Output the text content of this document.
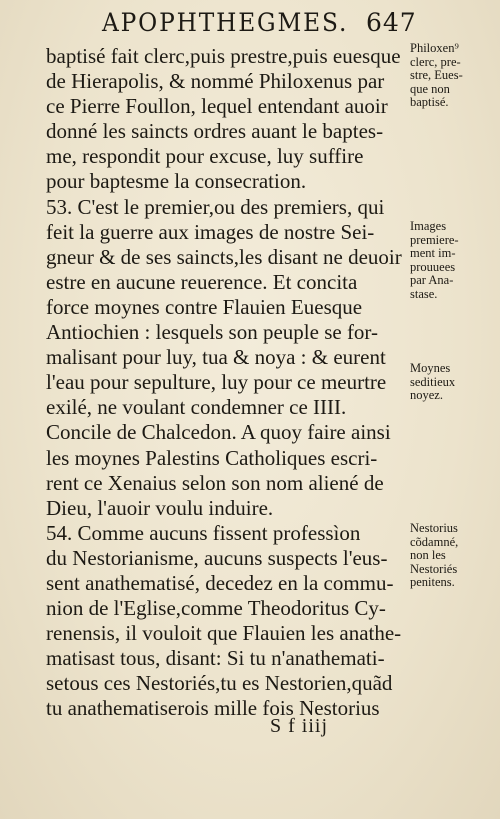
APOPHTHEGMES. 647
baptisé fait clerc,puis prestre,puis euesque
de Hierapolis, & nommé Philoxenus par
ce Pierre Foullon, lequel entendant auoir
donné les saincts ordres auant le baptes-
me, respondit pour excuse, luy suffire
pour baptesme la consecration.
53. C'est le premier,ou des premiers, qui
feit la guerre aux images de nostre Sei-
gneur & de ses saincts,les disant ne deuoir
estre en aucune reuerence. Et concita
force moynes contre Flauien Euesque
Antiochien : lesquels son peuple se for-
malisant pour luy, tua & noya : & eurent
l'eau pour sepulture, luy pour ce meurtre
exilé, ne voulant condemner ce IIII.
Concile de Chalcedon. A quoy faire ainsi
les moynes Palestins Catholiques escri-
rent ce Xenaius selon son nom aliené de
Dieu, l'auoir voulu induire.
54. Comme aucuns fissent professìon
du Nestorianisme, aucuns suspects l'eus-
sent anathematisé, decedez en la commu-
nion de l'Eglise,comme Theodoritus Cy-
renensis, il vouloit que Flauien les anathe-
matisast tous, disant: Si tu n'anathemati-
setous ces Nestoriés,tu es Nestorien,quãd
tu anathematiserois mille fois Nestorius
Philoxen⁹
clerc, pre-
stre, Eues-
que non
baptisé.
Images
premiere-
ment im-
prouuees
par Ana-
stase.
Moynes
seditieux
noyez.
Nestorius
cõdamné,
non les
Nestoriés
penitens.
S f iiij
